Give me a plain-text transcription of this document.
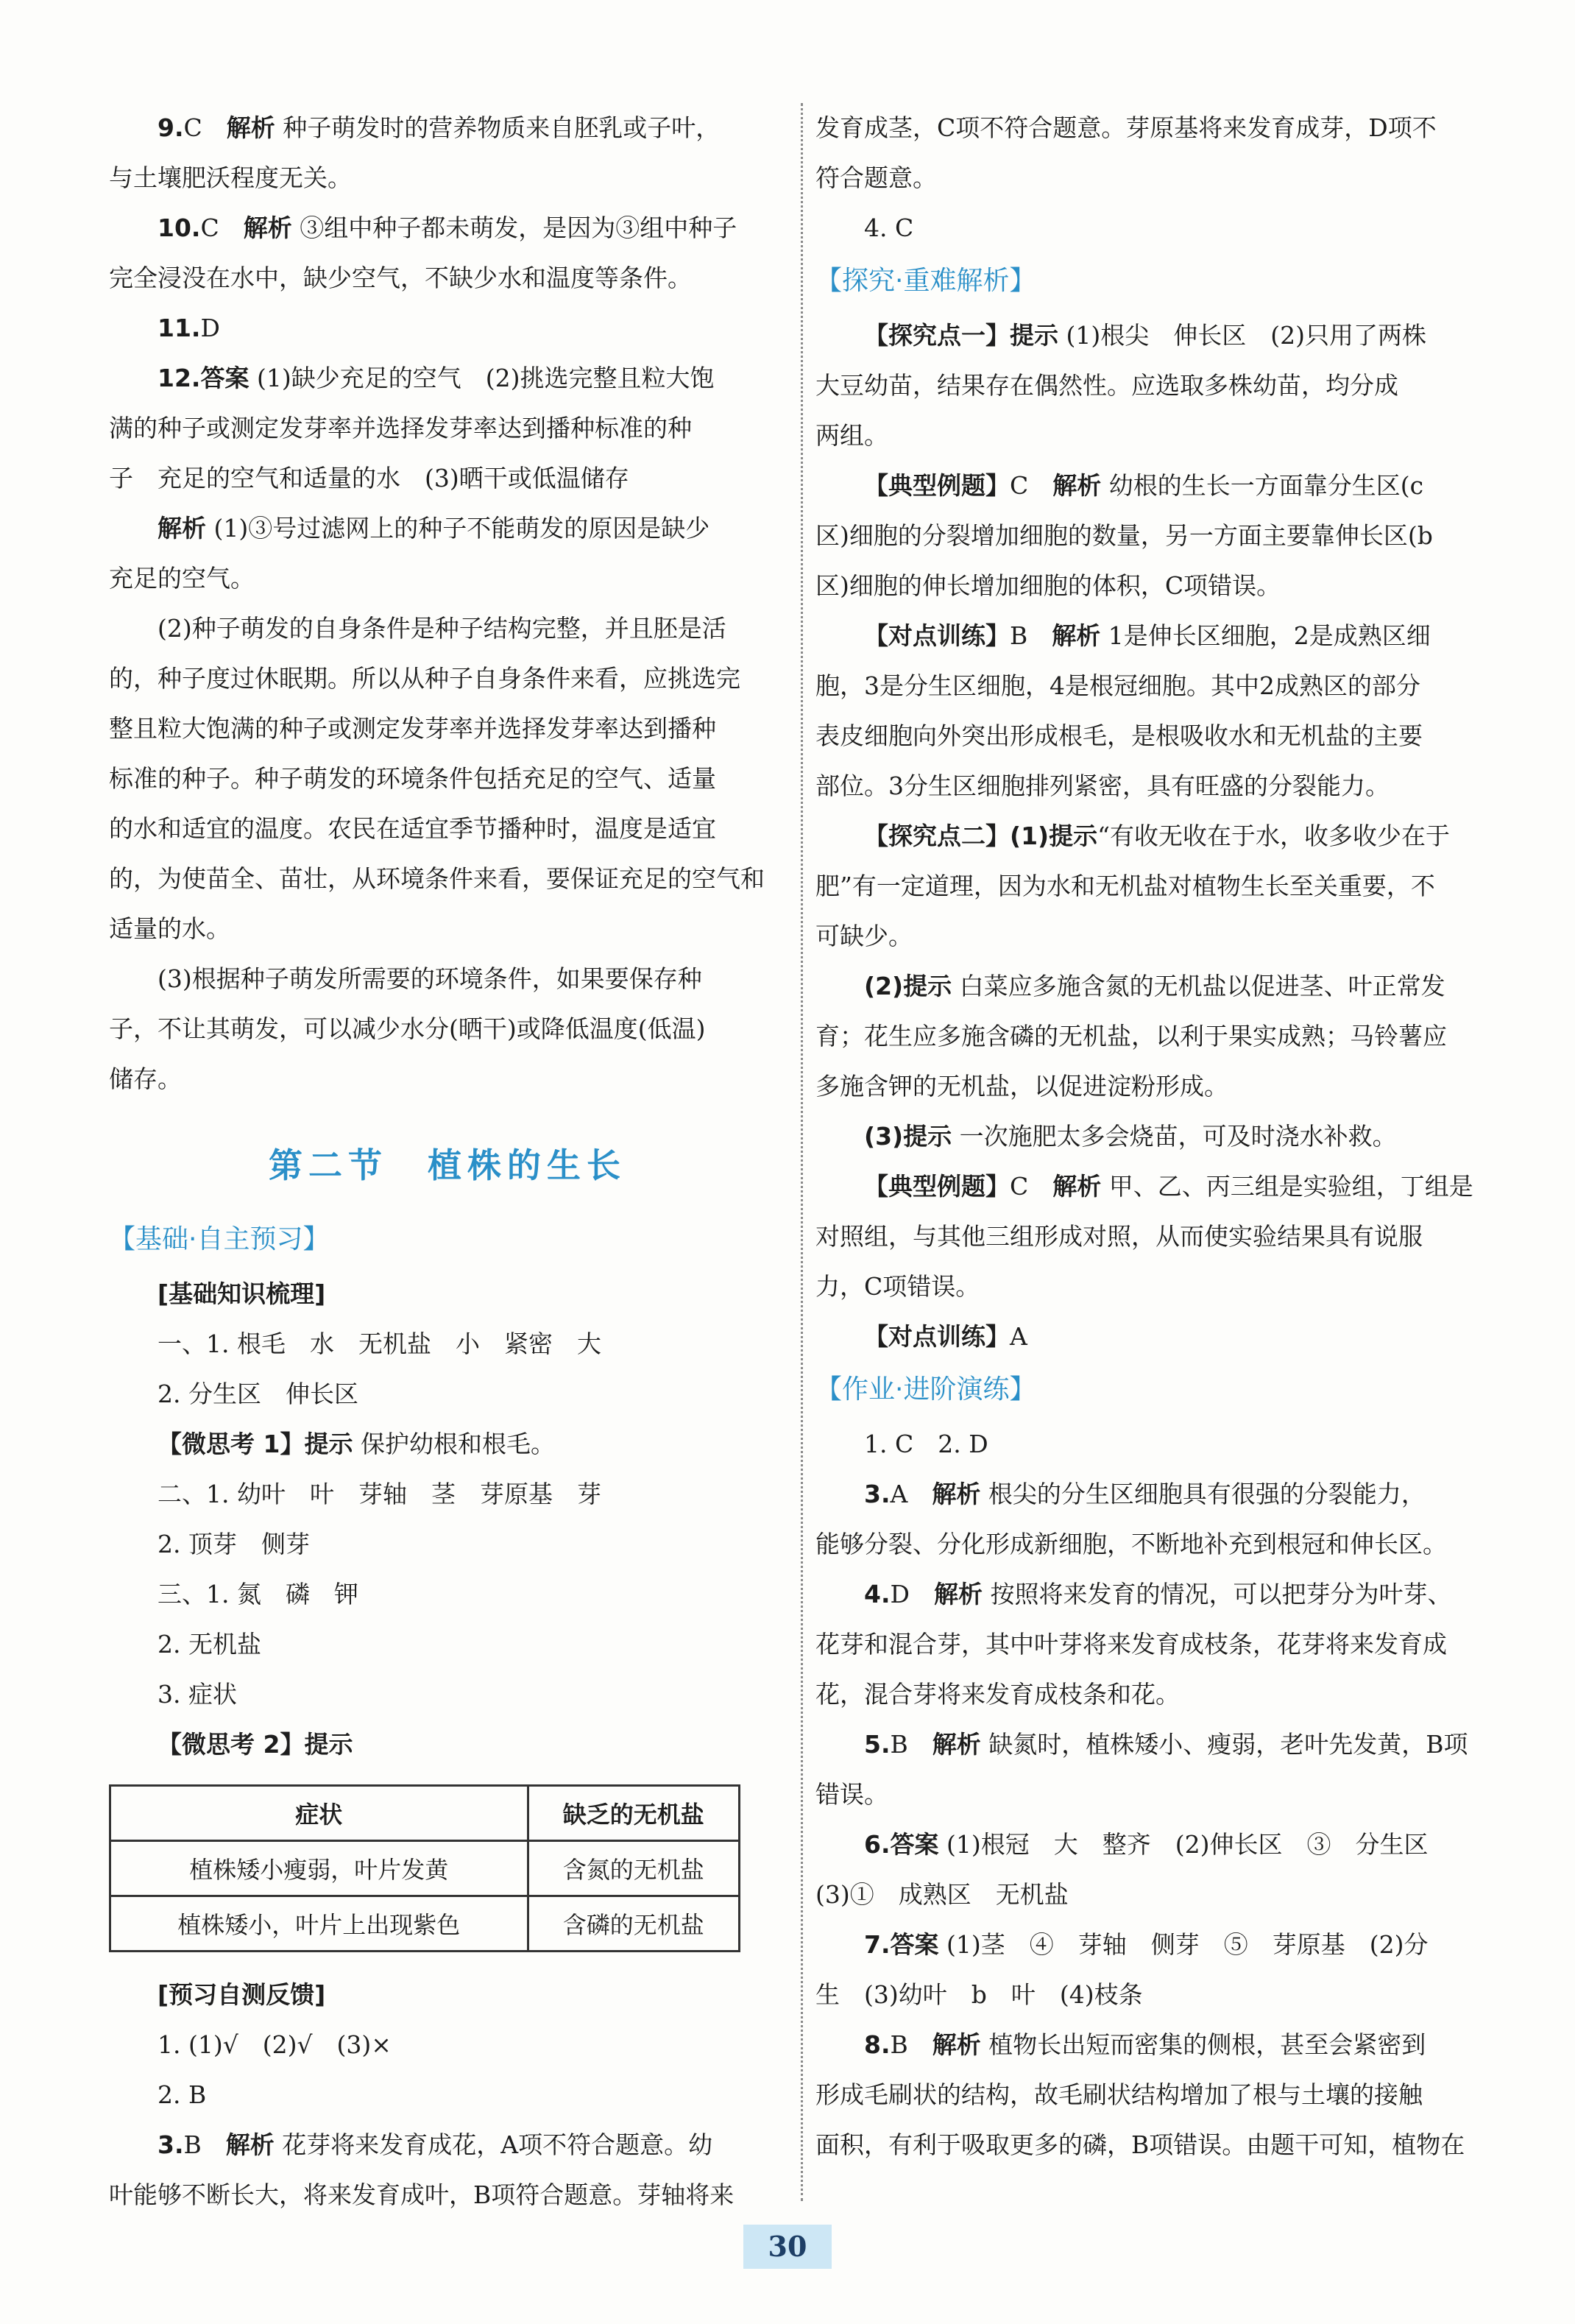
9.C　 解析 种子萌发时的营养物质来自胚乳或子叶，

与土壤肥沃程度无关。

10.C　 解析 ③组中种子都未萌发，是因为③组中种子

完全浸没在水中，缺少空气，不缺少水和温度等条件。

11.D

12.答案 (1)缺少充足的空气　(2)挑选完整且粒大饱

满的种子或测定发芽率并选择发芽率达到播种标准的种

子　充足的空气和适量的水　(3)晒干或低温储存

解析 (1)③号过滤网上的种子不能萌发的原因是缺少

充足的空气。

(2)种子萌发的自身条件是种子结构完整，并且胚是活

的，种子度过休眠期。所以从种子自身条件来看，应挑选完

整且粒大饱满的种子或测定发芽率并选择发芽率达到播种

标准的种子。种子萌发的环境条件包括充足的空气、适量

的水和适宜的温度。农民在适宜季节播种时，温度是适宜

的，为使苗全、苗壮，从环境条件来看，要保证充足的空气和

适量的水。

(3)根据种子萌发所需要的环境条件，如果要保存种

子，不让其萌发，可以减少水分(晒干)或降低温度(低温)

储存。

第二节　植株的生长
【基础·自主预习】

[基础知识梳理]

一、1. 根毛　水　无机盐　小　紧密　大

2. 分生区　伸长区

【微思考 1】提示 保护幼根和根毛。

二、1. 幼叶　叶　芽轴　茎　芽原基　芽

2. 顶芽　侧芽

三、1. 氮　磷　钾

2. 无机盐

3. 症状

【微思考 2】提示

症状	缺乏的无机盐
植株矮小瘦弱，叶片发黄	含氮的无机盐
植株矮小，叶片上出现紫色	含磷的无机盐

[预习自测反馈]

1. (1)√　(2)√　(3)×

2. B

3.B　 解析 花芽将来发育成花，A项不符合题意。幼

叶能够不断长大，将来发育成叶，B项符合题意。芽轴将来

发育成茎，C项不符合题意。芽原基将来发育成芽，D项不

符合题意。

4. C

【探究·重难解析】

【探究点一】提示 (1)根尖　伸长区　(2)只用了两株

大豆幼苗，结果存在偶然性。应选取多株幼苗，均分成

两组。

【典型例题】C　 解析 幼根的生长一方面靠分生区(c

区)细胞的分裂增加细胞的数量，另一方面主要靠伸长区(b

区)细胞的伸长增加细胞的体积，C项错误。

【对点训练】B　 解析 1是伸长区细胞，2是成熟区细

胞，3是分生区细胞，4是根冠细胞。其中2成熟区的部分

表皮细胞向外突出形成根毛，是根吸收水和无机盐的主要

部位。3分生区细胞排列紧密，具有旺盛的分裂能力。

【探究点二】(1)提示“有收无收在于水，收多收少在于

肥”有一定道理，因为水和无机盐对植物生长至关重要，不

可缺少。

(2)提示 白菜应多施含氮的无机盐以促进茎、叶正常发

育；花生应多施含磷的无机盐，以利于果实成熟；马铃薯应

多施含钾的无机盐，以促进淀粉形成。

(3)提示 一次施肥太多会烧苗，可及时浇水补救。

【典型例题】C　 解析 甲、乙、丙三组是实验组，丁组是

对照组，与其他三组形成对照，从而使实验结果具有说服

力，C项错误。

【对点训练】A

【作业·进阶演练】

1. C　2. D

3.A　 解析 根尖的分生区细胞具有很强的分裂能力，

能够分裂、分化形成新细胞，不断地补充到根冠和伸长区。

4.D　 解析 按照将来发育的情况，可以把芽分为叶芽、

花芽和混合芽，其中叶芽将来发育成枝条，花芽将来发育成

花，混合芽将来发育成枝条和花。

5.B　 解析 缺氮时，植株矮小、瘦弱，老叶先发黄，B项

错误。

6.答案 (1)根冠　大　整齐　(2)伸长区　③　分生区

(3)①　成熟区　无机盐

7.答案 (1)茎　④　芽轴　侧芽　⑤　芽原基　(2)分

生　(3)幼叶　b　叶　(4)枝条

8.B　 解析 植物长出短而密集的侧根，甚至会紧密到

形成毛刷状的结构，故毛刷状结构增加了根与土壤的接触

面积，有利于吸取更多的磷，B项错误。由题干可知，植物在

30
